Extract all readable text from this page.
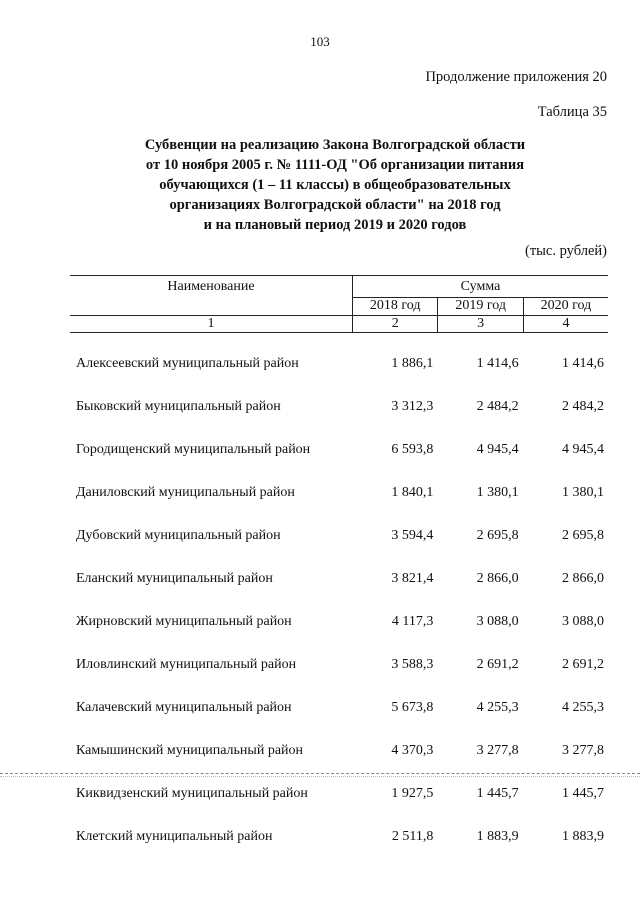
103
Продолжение приложения 20
Таблица 35
Субвенции на реализацию Закона Волгоградской области
от 10 ноября 2005 г. № 1111-ОД "Об организации питания
обучающихся (1 – 11 классы) в общеобразовательных
организациях Волгоградской области" на 2018 год
и на плановый период 2019 и 2020 годов
(тыс. рублей)
Наименование	Сумма		
	2018 год	2019 год	2020 год
1	2	3	4
Алексеевский муниципальный район	1 886,1	1 414,6	1 414,6
Быковский муниципальный район	3 312,3	2 484,2	2 484,2
Городищенский муниципальный район	6 593,8	4 945,4	4 945,4
Даниловский муниципальный район	1 840,1	1 380,1	1 380,1
Дубовский муниципальный район	3 594,4	2 695,8	2 695,8
Еланский муниципальный район	3 821,4	2 866,0	2 866,0
Жирновский муниципальный район	4 117,3	3 088,0	3 088,0
Иловлинский муниципальный район	3 588,3	2 691,2	2 691,2
Калачевский муниципальный район	5 673,8	4 255,3	4 255,3
Камышинский муниципальный район	4 370,3	3 277,8	3 277,8
Киквидзенский муниципальный район	1 927,5	1 445,7	1 445,7
Клетский муниципальный район	2 511,8	1 883,9	1 883,9
